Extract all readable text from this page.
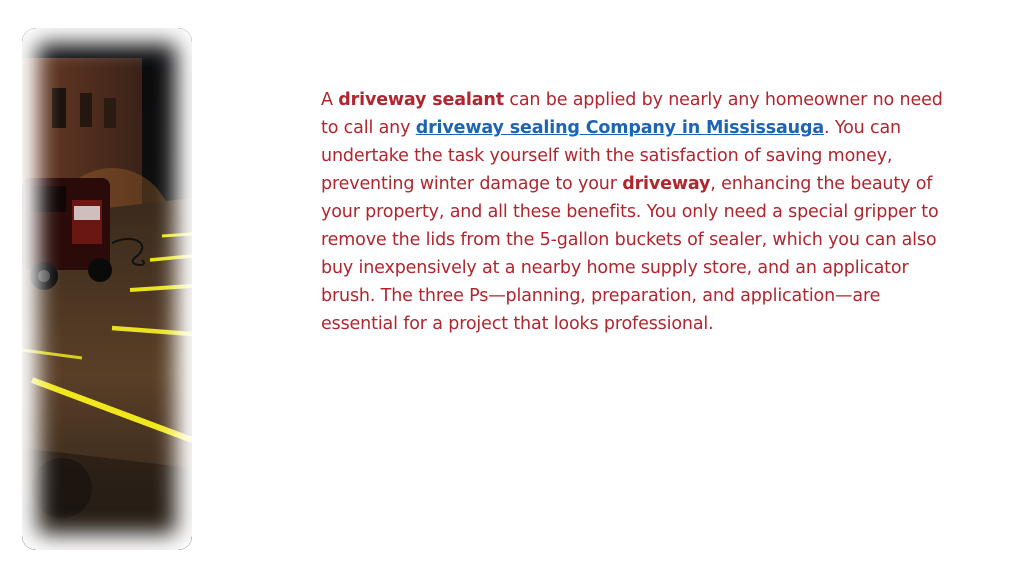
A driveway sealant can be applied by nearly any homeowner no need to call any driveway sealing Company in Mississauga. You can undertake the task yourself with the satisfaction of saving money, preventing winter damage to your driveway, enhancing the beauty of your property, and all these benefits. You only need a special gripper to remove the lids from the 5-gallon buckets of sealer, which you can also buy inexpensively at a nearby home supply store, and an applicator brush. The three Ps—planning, preparation, and application—are essential for a project that looks professional.
